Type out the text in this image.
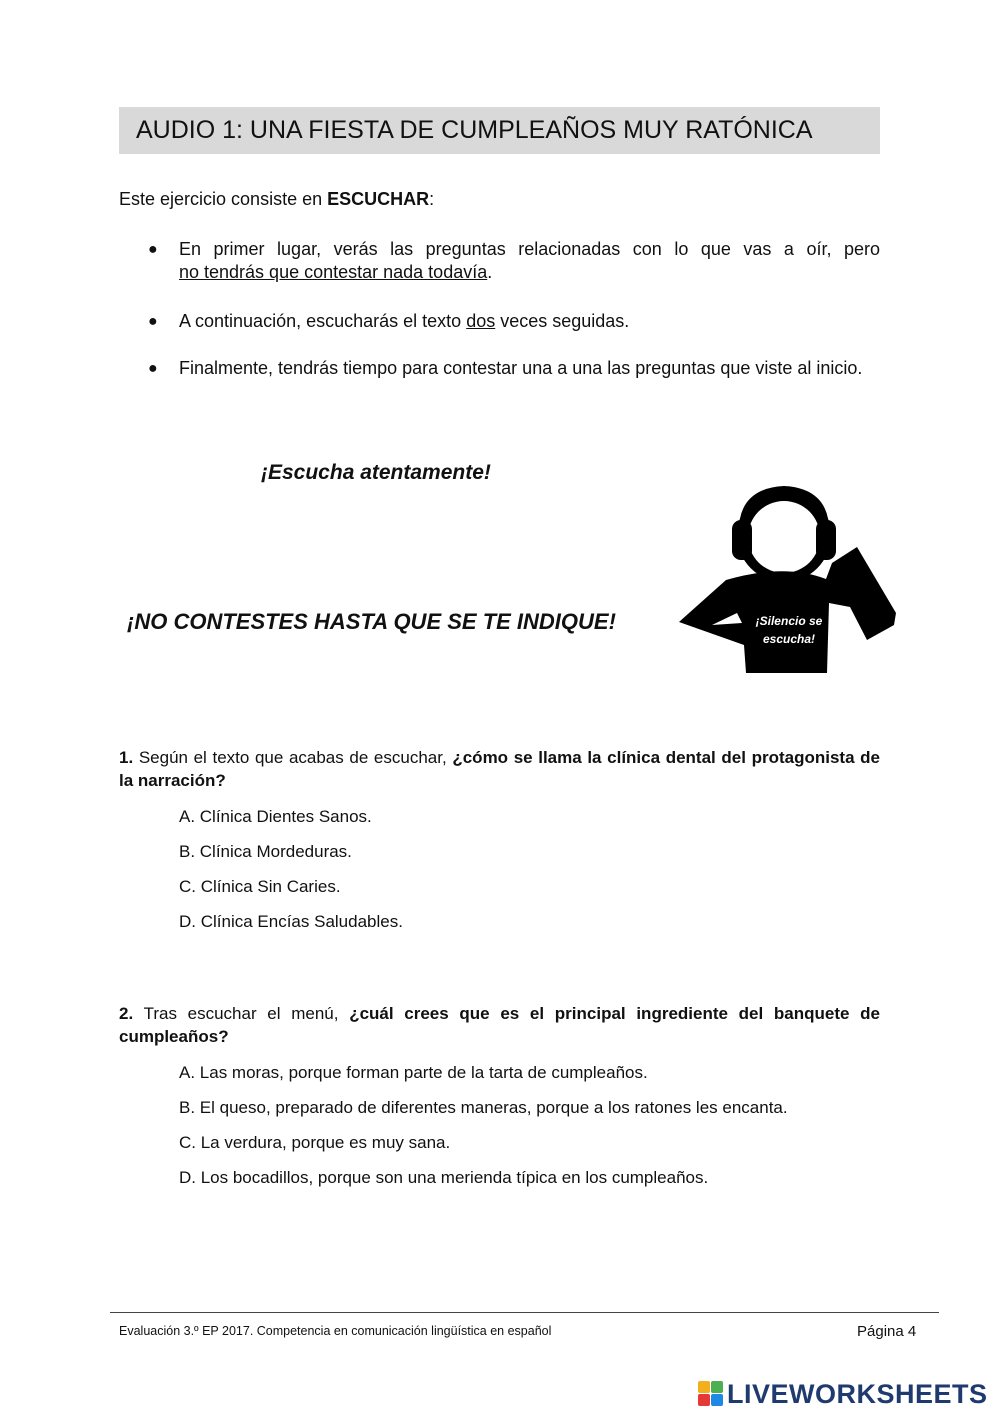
AUDIO 1: UNA FIESTA DE CUMPLEAÑOS MUY RATÓNICA
Este ejercicio consiste en ESCUCHAR:
● En primer lugar, verás las preguntas relacionadas con lo que vas a oír, pero
no tendrás que contestar nada todavía.
● A continuación, escucharás el texto dos veces seguidas.
● Finalmente, tendrás tiempo para contestar una a una las preguntas que viste al inicio.
¡Escucha atentamente!
¡NO CONTESTES HASTA QUE SE TE INDIQUE!	¡Silencio se
escucha!
1. Según el texto que acabas de escuchar, ¿cómo se llama la clínica dental del protagonista de la narración?
A. Clínica Dientes Sanos.
B. Clínica Mordeduras.
C. Clínica Sin Caries.
D. Clínica Encías Saludables.
2. Tras escuchar el menú, ¿cuál crees que es el principal ingrediente del banquete de cumpleaños?
A. Las moras, porque forman parte de la tarta de cumpleaños.
B. El queso, preparado de diferentes maneras, porque a los ratones les encanta.
C. La verdura, porque es muy sana.
D. Los bocadillos, porque son una merienda típica en los cumpleaños.
Evaluación 3.º EP 2017. Competencia en comunicación lingüística en español	Página 4
LIVEWORKSHEETS
